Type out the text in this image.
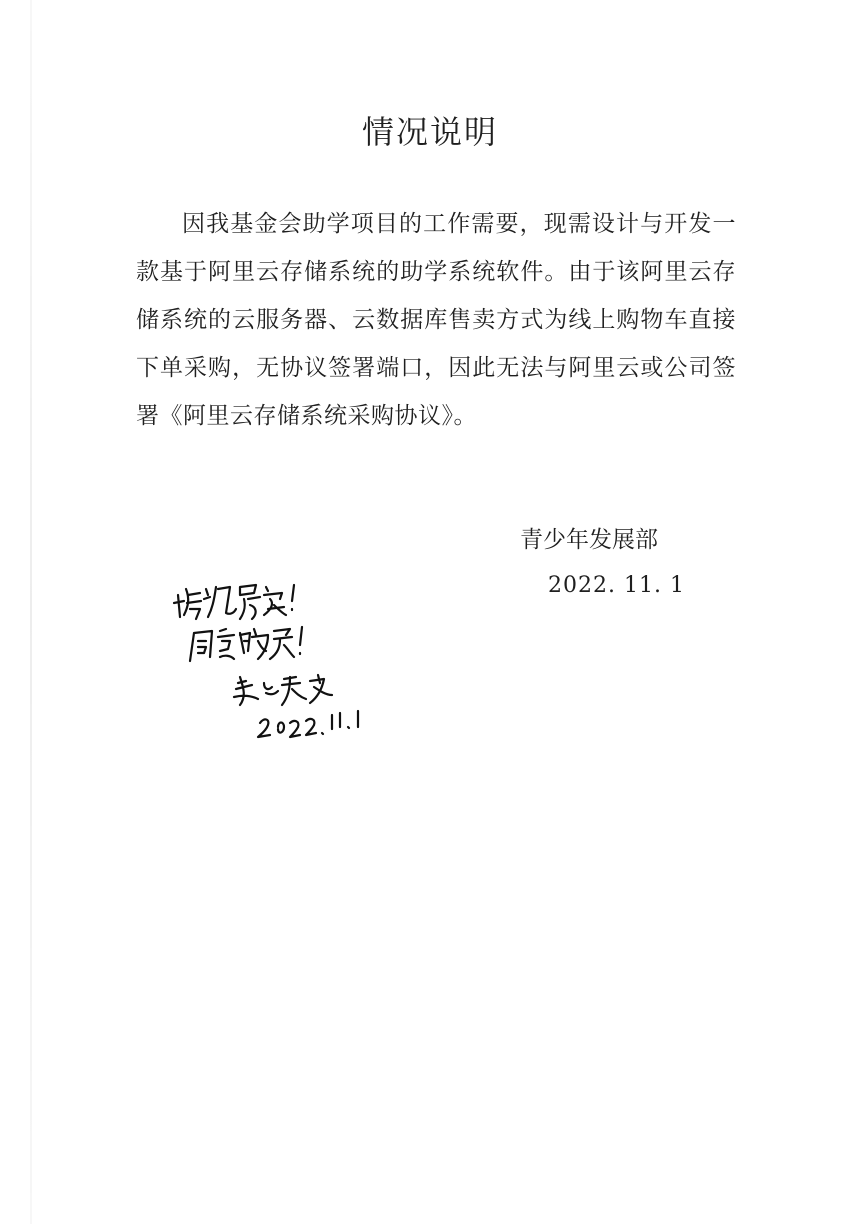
情况说明
因我基金会助学项目的工作需要，现需设计与开发一款基于阿里云存储系统的助学系统软件。由于该阿里云存储系统的云服务器、云数据库售卖方式为线上购物车直接下单采购，无协议签署端口，因此无法与阿里云或公司签署《阿里云存储系统采购协议》。
青少年发展部
2022. 11. 1
